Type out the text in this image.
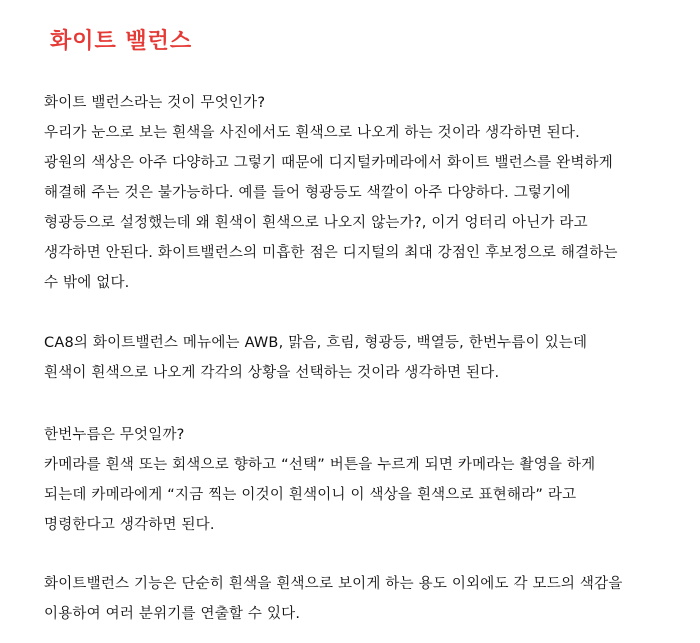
화이트 밸런스
화이트 밸런스라는 것이 무엇인가?
우리가 눈으로 보는 흰색을 사진에서도 흰색으로 나오게 하는 것이라 생각하면 된다.
광원의 색상은 아주 다양하고 그렇기 때문에 디지털카메라에서 화이트 밸런스를 완벽하게
해결해 주는 것은 불가능하다. 예를 들어 형광등도 색깔이 아주 다양하다. 그렇기에
형광등으로 설정했는데 왜 흰색이 흰색으로 나오지 않는가?, 이거 엉터리 아닌가 라고
생각하면 안된다. 화이트밸런스의 미흡한 점은 디지털의 최대 강점인 후보정으로 해결하는
수 밖에 없다.
CA8의 화이트밸런스 메뉴에는 AWB, 맑음, 흐림, 형광등, 백열등, 한번누름이 있는데
흰색이 흰색으로 나오게 각각의 상황을 선택하는 것이라 생각하면 된다.
한번누름은 무엇일까?
카메라를 흰색 또는 회색으로 향하고 “선택” 버튼을 누르게 되면 카메라는 촬영을 하게
되는데 카메라에게 “지금 찍는 이것이 흰색이니 이 색상을 흰색으로 표현해라” 라고
명령한다고 생각하면 된다.
화이트밸런스 기능은 단순히 흰색을 흰색으로 보이게 하는 용도 이외에도 각 모드의 색감을
이용하여 여러 분위기를 연출할 수 있다.
